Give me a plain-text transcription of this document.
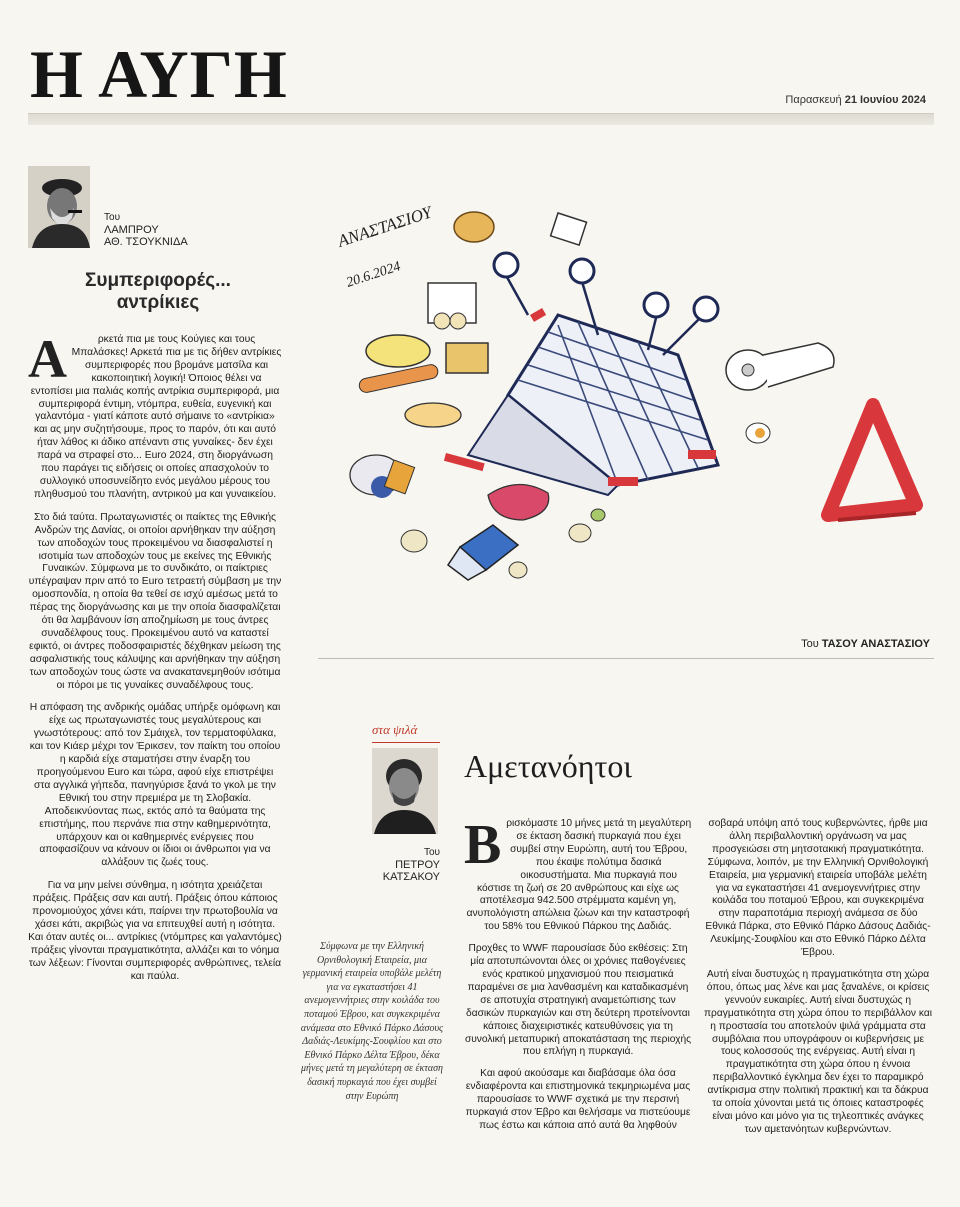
Η ΑΥΓΗ	Παρασκευή 21 Ιουνίου 2024
Του
ΛΑΜΠΡΟΥ
ΑΘ. ΤΣΟΥΚΝΙΔΑ
Συμπεριφορές...
αντρίκιες

Α	ρκετά πια με τους Κούγιες και τους Μπαλάσκες! Αρκετά πια με τις δήθεν αντρίκιες συμπεριφορές που βρομάνε ματσίλα και κακοποιητική λογική! Όποιος θέλει να εντοπίσει μια παλιάς κοπής αντρίκια συμπεριφορά, μια συμπεριφορά έντιμη, ντόμπρα, ευθεία, ευγενική και γαλαντόμα - γιατί κάποτε αυτό σήμαινε το «αντρίκια» και ας μην συζητήσουμε, προς το παρόν, ότι και αυτό ήταν λάθος κι άδικο απέναντι στις γυναίκες- δεν έχει παρά να στραφεί στο... Euro 2024, στη διοργάνωση που παράγει τις ειδήσεις οι οποίες απασχολούν το συλλογικό υποσυνείδητο ενός μεγάλου μέρους του πληθυσμού του πλανήτη, αντρικού μα και γυναικείου.

Στο διά ταύτα. Πρωταγωνιστές οι παίκτες της Εθνικής Ανδρών της Δανίας, οι οποίοι αρνήθηκαν την αύξηση των αποδοχών τους προκειμένου να διασφαλιστεί η ισοτιμία των αποδοχών τους με εκείνες της Εθνικής Γυναικών. Σύμφωνα με το συνδικάτο, οι παίκτριες υπέγραψαν πριν από το Euro τετραετή σύμβαση με την ομοσπονδία, η οποία θα τεθεί σε ισχύ αμέσως μετά το πέρας της διοργάνωσης και με την οποία διασφαλίζεται ότι θα λαμβάνουν ίση αποζημίωση με τους άντρες συναδέλφους τους. Προκειμένου αυτό να καταστεί εφικτό, οι άντρες ποδοσφαιριστές δέχθηκαν μείωση της ασφαλιστικής τους κάλυψης και αρνήθηκαν την αύξηση των αποδοχών τους ώστε να ανακατανεμηθούν ισότιμα οι πόροι με τις γυναίκες συναδέλφους τους.

Η απόφαση της ανδρικής ομάδας υπήρξε ομόφωνη και είχε ως πρωταγωνιστές τους μεγαλύτερους και γνωστότερους: από τον Σμάιχελ, τον τερματοφύλακα, και τον Κιάερ μέχρι τον Έρικσεν, τον παίκτη του οποίου η καρδιά είχε σταματήσει στην έναρξη του προηγούμενου Euro και τώρα, αφού είχε επιστρέψει στα αγγλικά γήπεδα, πανηγύρισε ξανά το γκολ με την Εθνική του στην πρεμιέρα με τη Σλοβακία. Αποδεικνύοντας πως, εκτός από τα θαύματα της επιστήμης, που περνάνε πια στην καθημερινότητα, υπάρχουν και οι καθημερινές ενέργειες που αποφασίζουν να κάνουν οι ίδιοι οι άνθρωποι για να αλλάξουν τις ζωές τους.

Για να μην μείνει σύνθημα, η ισότητα χρειάζεται πράξεις. Πράξεις σαν και αυτή. Πράξεις όπου κάποιος προνομιούχος χάνει κάτι, παίρνει την πρωτοβουλία να χάσει κάτι, ακριβώς για να επιτευχθεί αυτή η ισότητα. Και όταν αυτές οι... αντρίκιες (ντόμπρες και γαλαντόμες) πράξεις γίνονται πραγματικότητα, αλλάζει και το νόημα των λέξεων: Γίνονται συμπεριφορές ανθρώπινες, τελεία και παύλα.

ΑΝΑΣΤΑΣΙΟΥ
20.6.2024
Του ΤΑΣΟΥ ΑΝΑΣΤΑΣΙΟΥ
στα ψιλά
Του
ΠΕΤΡΟΥ
ΚΑΤΣΑΚΟΥ
Αμετανόητοι
Σύμφωνα με την Ελληνική Ορνιθολογική Εταιρεία, μια γερμανική εταιρεία υποβάλε μελέτη για να εγκαταστήσει 41 ανεμογεννήτριες στην κοιλάδα του ποταμού Έβρου, και συγκεκριμένα ανάμεσα στο Εθνικό Πάρκο Δάσους Δαδιάς-Λευκίμης-Σουφλίου και στο Εθνικό Πάρκο Δέλτα Έβρου, δέκα μήνες μετά τη μεγαλύτερη σε έκταση δασική πυρκαγιά που έχει συμβεί στην Ευρώπη

Βρισκόμαστε 10 μήνες μετά τη μεγαλύτερη σε έκταση δασική πυρκαγιά που έχει συμβεί στην Ευρώπη, αυτή του Έβρου, που έκαψε πολύτιμα δασικά οικοσυστήματα. Μια πυρκαγιά που κόστισε τη ζωή σε 20 ανθρώπους και είχε ως αποτέλεσμα 942.500 στρέμματα καμένη γη, ανυπολόγιστη απώλεια ζώων και την καταστροφή του 58% του Εθνικού Πάρκου της Δαδιάς.

Προχθες το WWF παρουσίασε δύο εκθέσεις: Στη μία αποτυπώνονται όλες οι χρόνιες παθογένειες ενός κρατικού μηχανισμού που πεισματικά παραμένει σε μια λανθασμένη και καταδικασμένη σε αποτυχία στρατηγική αναμετώπισης των δασικών πυρκαγιών και στη δεύτερη προτείνονται κάποιες διαχειριστικές κατευθύνσεις για τη συνολική μεταπυρική αποκατάσταση της περιοχής που επλήγη η πυρκαγιά.

Και αφού ακούσαμε και διαβάσαμε όλα όσα ενδιαφέροντα και επιστημονικά τεκμηριωμένα μας παρουσίασε το WWF σχετικά με την περσινή πυρκαγιά στον Έβρο και θελήσαμε να πιστεύουμε πως έστω και κάποια από αυτά θα ληφθούν

σοβαρά υπόψη από τους κυβερνώντες, ήρθε μια άλλη περιβαλλοντική οργάνωση να μας προσγειώσει στη μητσοτακική πραγματικότητα. Σύμφωνα, λοιπόν, με την Ελληνική Ορνιθολογική Εταιρεία, μια γερμανική εταιρεία υποβάλε μελέτη για να εγκαταστήσει 41 ανεμογεννήτριες στην κοιλάδα του ποταμού Έβρου, και συγκεκριμένα στην παραποτάμια περιοχή ανάμεσα σε δύο Εθνικά Πάρκα, στο Εθνικό Πάρκο Δάσους Δαδιάς-Λευκίμης-Σουφλίου και στο Εθνικό Πάρκο Δέλτα Έβρου.

Αυτή είναι δυστυχώς η πραγματικότητα στη χώρα όπου, όπως μας λένε και μας ξαναλένε, οι κρίσεις γεννούν ευκαιρίες. Αυτή είναι δυστυχώς η πραγματικότητα στη χώρα όπου το περιβάλλον και η προστασία του αποτελούν ψιλά γράμματα στα συμβόλαια που υπογράφουν οι κυβερνήσεις με τους κολοσσούς της ενέργειας. Αυτή είναι η πραγματικότητα στη χώρα όπου η έννοια περιβαλλοντικό έγκλημα δεν έχει το παραμικρό αντίκρισμα στην πολιτική πρακτική και τα δάκρυα τα οποία χύνονται μετά τις όποιες καταστροφές είναι μόνο και μόνο για τις τηλεοπτικές ανάγκες των αμετανόητων κυβερνώντων.
